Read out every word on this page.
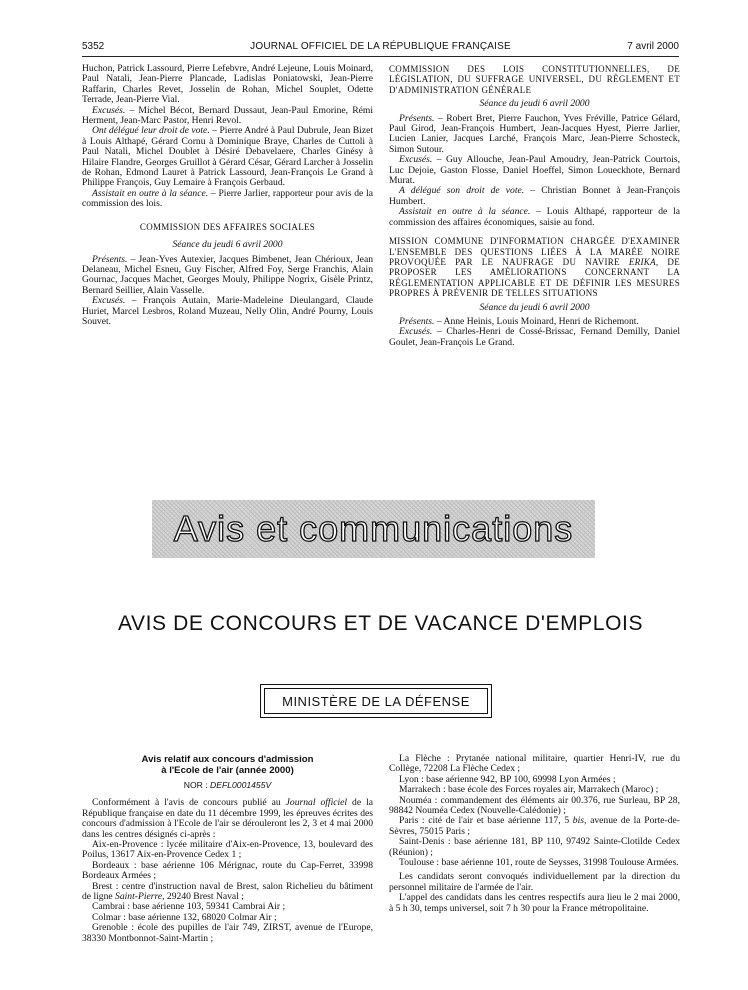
5352	JOURNAL OFFICIEL DE LA RÉPUBLIQUE FRANÇAISE	7 avril 2000

Huchon, Patrick Lassourd, Pierre Lefebvre, André Lejeune, Louis Moinard, Paul Natali, Jean-Pierre Plancade, Ladislas Poniatowski, Jean-Pierre Raffarin, Charles Revet, Josselin de Rohan, Michel Souplet, Odette Terrade, Jean-Pierre Vial.

Excusés. – Michel Bécot, Bernard Dussaut, Jean-Paul Emorine, Rémi Herment, Jean-Marc Pastor, Henri Revol.

Ont délégué leur droit de vote. – Pierre André à Paul Dubrule, Jean Bizet à Louis Althapé, Gérard Cornu à Dominique Braye, Charles de Cuttoli à Paul Natali, Michel Doublet à Désiré Debavelaere, Charles Ginésy à Hilaire Flandre, Georges Gruillot à Gérard César, Gérard Larcher à Josselin de Rohan, Edmond Lauret à Patrick Lassourd, Jean-François Le Grand à Philippe François, Guy Lemaire à François Gerbaud.

Assistait en outre à la séance. – Pierre Jarlier, rapporteur pour avis de la commission des lois.

COMMISSION DES AFFAIRES SOCIALES

Séance du jeudi 6 avril 2000

Présents. – Jean-Yves Autexier, Jacques Bimbenet, Jean Chérioux, Jean Delaneau, Michel Esneu, Guy Fischer, Alfred Foy, Serge Franchis, Alain Gournac, Jacques Machet, Georges Mouly, Philippe Nogrix, Gisèle Printz, Bernard Seillier, Alain Vasselle.

Excusés. – François Autain, Marie-Madeleine Dieulangard, Claude Huriet, Marcel Lesbros, Roland Muzeau, Nelly Olin, André Pourny, Louis Souvet.

COMMISSION DES LOIS CONSTITUTIONNELLES, DE LÉGISLATION, DU SUFFRAGE UNIVERSEL, DU RÈGLEMENT ET D'ADMINISTRATION GÉNÉRALE

Séance du jeudi 6 avril 2000

Présents. – Robert Bret, Pierre Fauchon, Yves Fréville, Patrice Gélard, Paul Girod, Jean-François Humbert, Jean-Jacques Hyest, Pierre Jarlier, Lucien Lanier, Jacques Larché, François Marc, Jean-Pierre Schosteck, Simon Sutour.

Excusés. – Guy Allouche, Jean-Paul Amoudry, Jean-Patrick Courtois, Luc Dejoie, Gaston Flosse, Daniel Hoeffel, Simon Loueckhote, Bernard Murat.

A délégué son droit de vote. – Christian Bonnet à Jean-François Humbert.

Assistait en outre à la séance. – Louis Althapé, rapporteur de la commission des affaires économiques, saisie au fond.

MISSION COMMUNE D'INFORMATION CHARGÉE D'EXAMINER L'ENSEMBLE DES QUESTIONS LIÉES À LA MARÉE NOIRE PROVOQUÉE PAR LE NAUFRAGE DU NAVIRE ERIKA, DE PROPOSER LES AMÉLIORATIONS CONCERNANT LA RÉGLEMENTATION APPLICABLE ET DE DÉFINIR LES MESURES PROPRES À PRÉVENIR DE TELLES SITUATIONS

Séance du jeudi 6 avril 2000

Présents. – Anne Heinis, Louis Moinard, Henri de Richemont.

Excusés. – Charles-Henri de Cossé-Brissac, Fernand Demilly, Daniel Goulet, Jean-François Le Grand.

Avis et communications
AVIS DE CONCOURS ET DE VACANCE D'EMPLOIS
MINISTÈRE DE LA DÉFENSE

Avis relatif aux concours d'admission

à l'Ecole de l'air (année 2000)

NOR : DEFL0001455V

Conformément à l'avis de concours publié au Journal officiel de la République française en date du 11 décembre 1999, les épreuves écrites des concours d'admission à l'Ecole de l'air se dérouleront les 2, 3 et 4 mai 2000 dans les centres désignés ci-après :

Aix-en-Provence : lycée militaire d'Aix-en-Provence, 13, boulevard des Poilus, 13617 Aix-en-Provence Cedex 1 ;

Bordeaux : base aérienne 106 Mérignac, route du Cap-Ferret, 33998 Bordeaux Armées ;

Brest : centre d'instruction naval de Brest, salon Richelieu du bâtiment de ligne Saint-Pierre, 29240 Brest Naval ;

Cambrai : base aérienne 103, 59341 Cambrai Air ;

Colmar : base aérienne 132, 68020 Colmar Air ;

Grenoble : école des pupilles de l'air 749, ZIRST, avenue de l'Europe, 38330 Montbonnot-Saint-Martin ;

La Flèche : Prytanée national militaire, quartier Henri-IV, rue du Collège, 72208 La Flèche Cedex ;

Lyon : base aérienne 942, BP 100, 69998 Lyon Armées ;

Marrakech : base école des Forces royales air, Marrakech (Maroc) ;

Nouméa : commandement des éléments air 00.376, rue Surleau, BP 28, 98842 Nouméa Cedex (Nouvelle-Calédonie) ;

Paris : cité de l'air et base aérienne 117, 5 bis, avenue de la Porte-de-Sèvres, 75015 Paris ;

Saint-Denis : base aérienne 181, BP 110, 97492 Sainte-Clotilde Cedex (Réunion) ;

Toulouse : base aérienne 101, route de Seysses, 31998 Toulouse Armées.

Les candidats seront convoqués individuellement par la direction du personnel militaire de l'armée de l'air.

L'appel des candidats dans les centres respectifs aura lieu le 2 mai 2000, à 5 h 30, temps universel, soit 7 h 30 pour la France métropolitaine.
